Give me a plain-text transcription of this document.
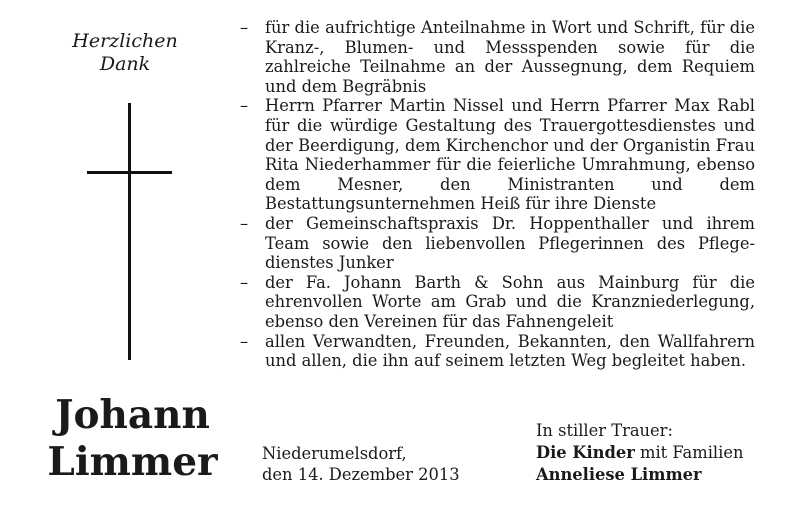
Herzlichen
Dank
Johann
Limmer
– für die aufrichtige Anteilnahme in Wort und Schrift, für die Kranz-, Blumen- und Messspenden sowie für die zahlreiche Teilnahme an der Aussegnung, dem Requiem und dem Begräbnis
– Herrn Pfarrer Martin Nissel und Herrn Pfarrer Max Rabl für die würdige Gestaltung des Trauergottesdienstes und der Beerdigung, dem Kirchenchor und der Organistin Frau Rita Niederhammer für die feierliche Umrahmung, ebenso dem Mesner, den Ministranten und dem Bestattungsunternehmen Heiß für ihre Dienste
– der Gemeinschaftspraxis Dr. Hoppenthaller und ihrem Team sowie den liebenvollen Pflegerinnen des Pflegedienstes Junker
– der Fa. Johann Barth & Sohn aus Mainburg für die ehrenvollen Worte am Grab und die Kranzniederlegung, ebenso den Vereinen für das Fahnengeleit
– allen Verwandten, Freunden, Bekannten, den Wallfahrern und allen, die ihn auf seinem letzten Weg begleitet haben.
Niederumelsdorf,
den 14. Dezember 2013
In stiller Trauer:
Die Kinder mit Familien
Anneliese Limmer
